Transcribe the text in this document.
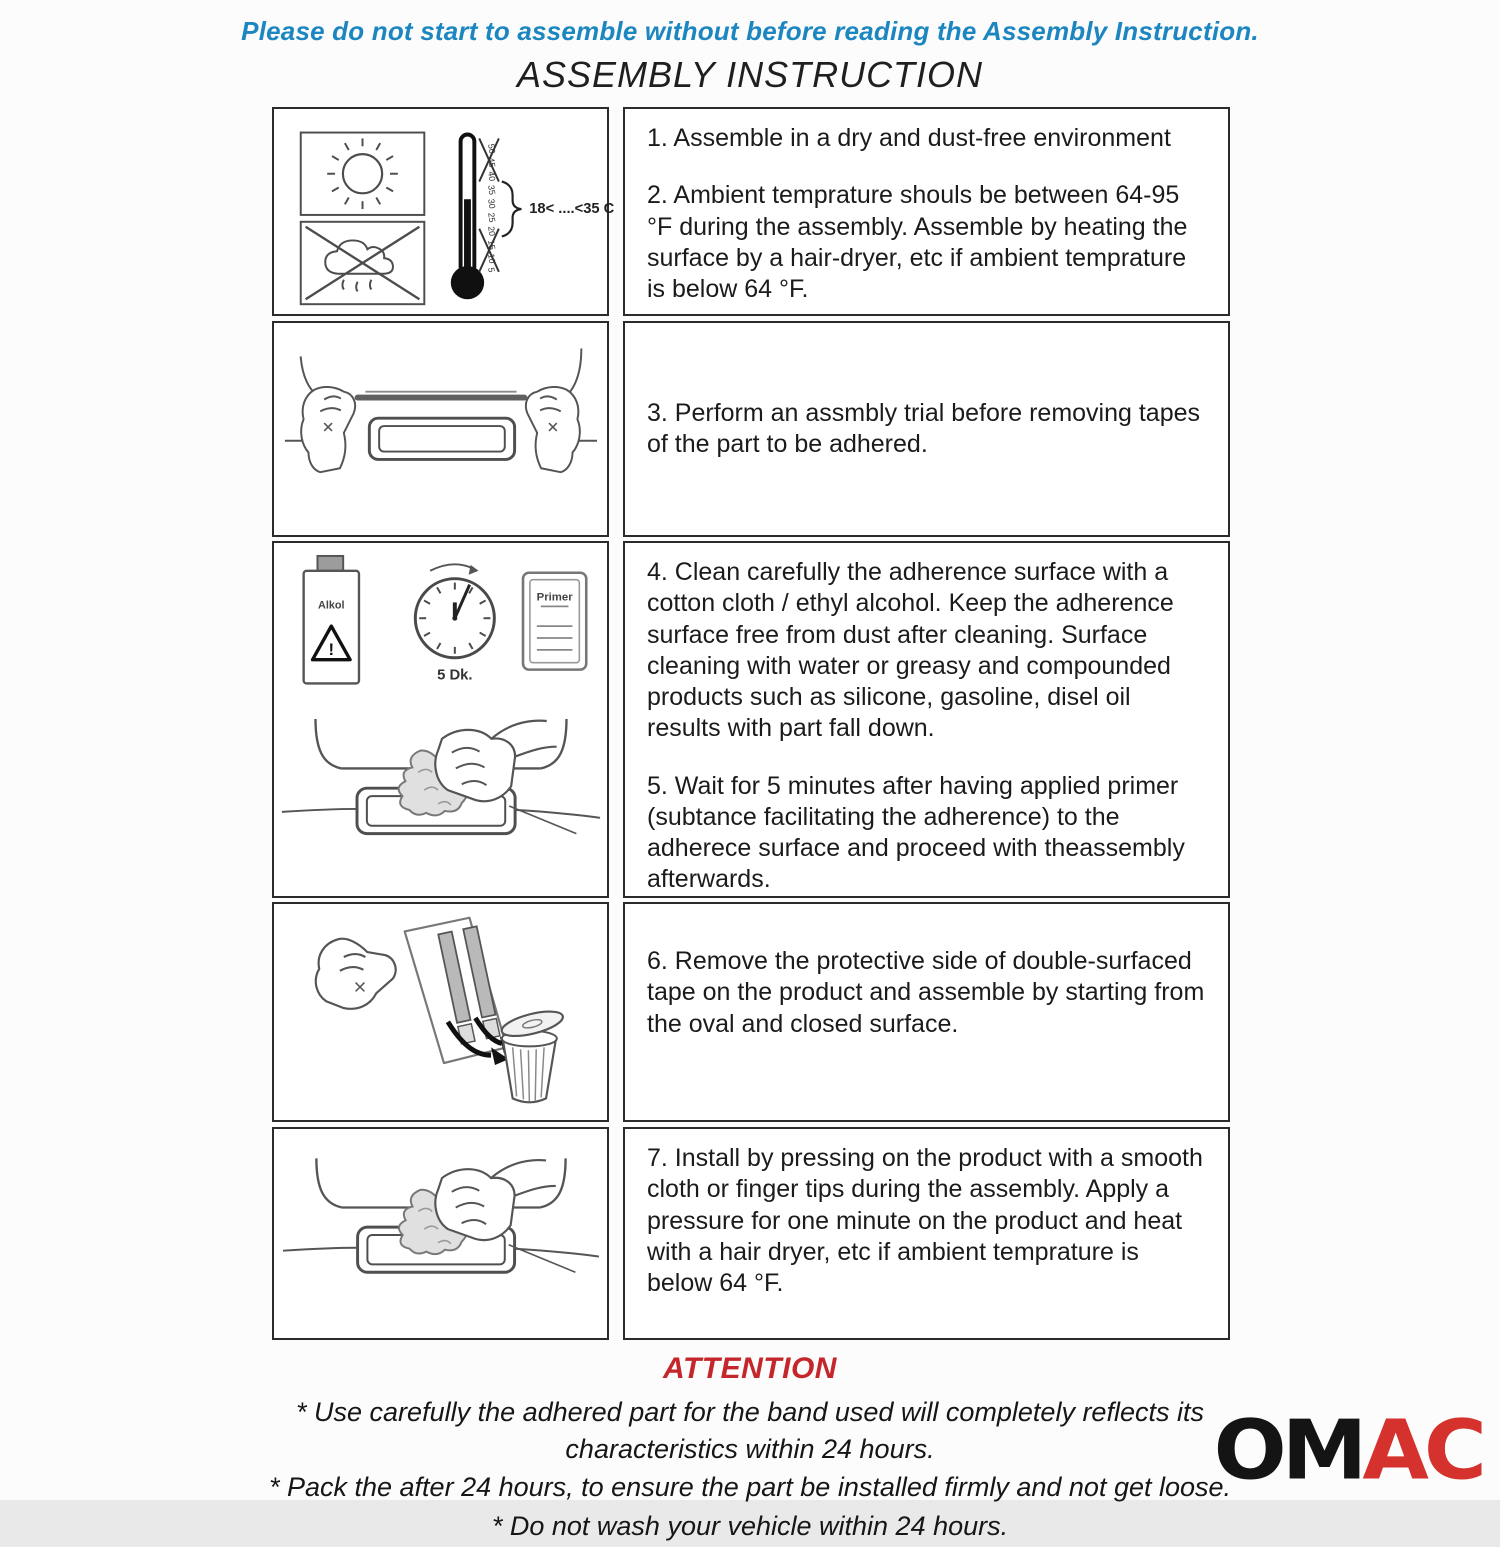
Please do not start to assemble without before reading the Assembly Instruction.
ASSEMBLY INSTRUCTION
50
45
40
35
30
25
20
15
10
5
18< ....<35 C

1. Assemble in a dry and dust-free environment

2. Ambient temprature shouls be between 64-95 °F during the assembly. Assemble by heating the surface by a hair-dryer, etc if ambient temprature is below 64 °F.

3. Perform an assmbly trial before removing tapes of the part to be adhered.

Alkol
!
5 Dk.
Primer

4. Clean carefully the adherence surface with a cotton cloth / ethyl alcohol. Keep the adherence surface free from dust after cleaning. Surface cleaning with water or greasy and compounded products such as silicone, gasoline, disel oil results with part fall down.

5. Wait for 5 minutes after having applied primer (subtance facilitating the adherence) to the adherece surface and proceed with theassembly afterwards.

6. Remove the protective side of double-surfaced tape on the product and assemble by starting from the oval and closed surface.

7. Install by pressing on the product with a smooth cloth or finger tips during the assembly. Apply a pressure for one minute on the product and heat with a hair dryer, etc if ambient temprature is below 64 °F.

ATTENTION

* Use carefully the adhered part for the band used will completely reflects its characteristics within 24 hours.

* Pack the after 24 hours, to ensure the part be installed firmly and not get loose.

* Do not wash your vehicle within 24 hours.

OMAC
